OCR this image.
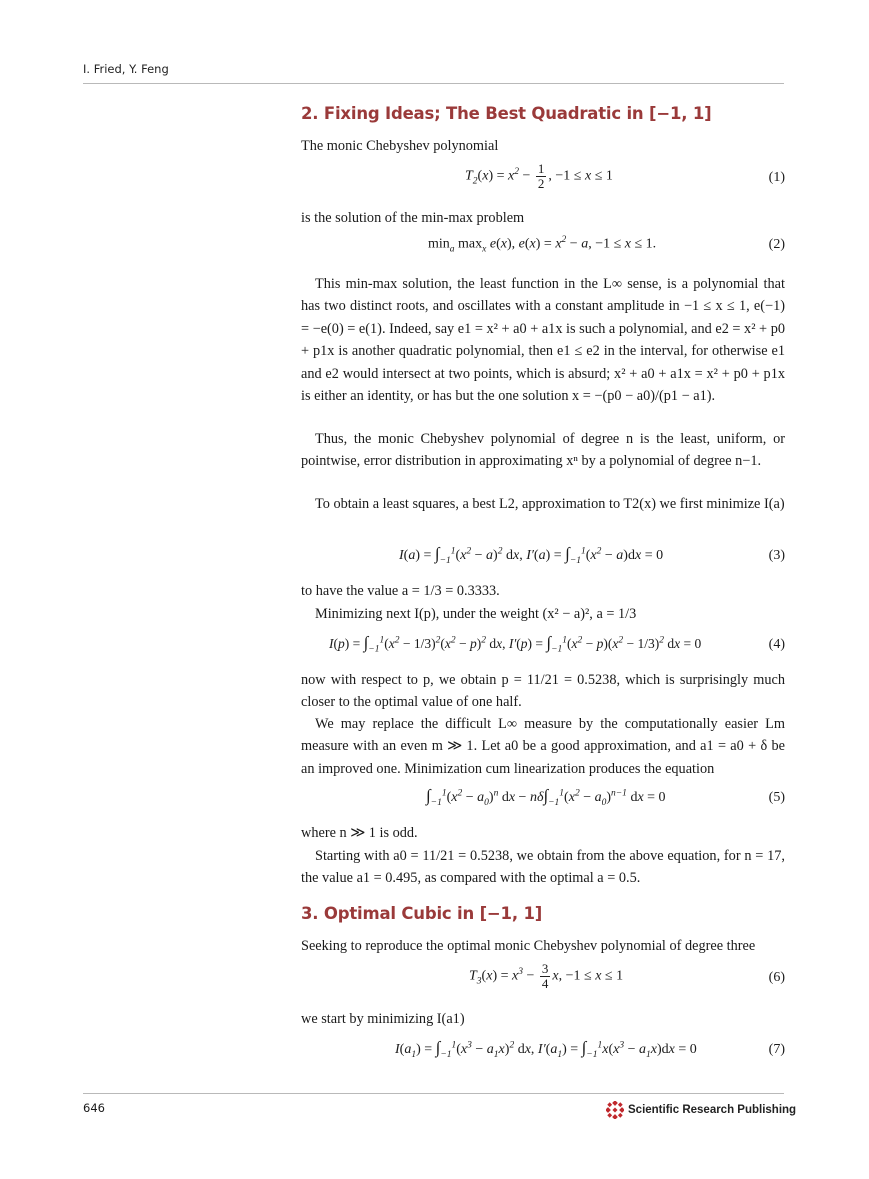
I. Fried, Y. Feng
2. Fixing Ideas; The Best Quadratic in [−1, 1]
The monic Chebyshev polynomial
$T_2(x) = x^2 - \frac{1}{2}$ , −1 ≤ x ≤ 1	(1)
is the solution of the min-max problem
$\min_a \max_x e(x)$, $e(x) = x^2 - a$, −1 ≤ x ≤ 1.	(2)
This min-max solution, the least function in the L∞ sense, is a polynomial that has two distinct roots, and oscillates with a constant amplitude in −1 ≤ x ≤ 1, e(−1) = −e(0) = e(1). Indeed, say e1 = x² + a0 + a1x is such a polynomial, and e2 = x² + p0 + p1x is another quadratic polynomial, then e1 ≤ e2 in the interval, for otherwise e1 and e2 would intersect at two points, which is absurd; x² + a0 + a1x = x² + p0 + p1x is either an identity, or has but the one solution x = −(p0 − a0)/(p1 − a1).
Thus, the monic Chebyshev polynomial of degree n is the least, uniform, or pointwise, error distribution in approximating xⁿ by a polynomial of degree n−1.
To obtain a least squares, a best L2, approximation to T2(x) we first minimize I(a)
$I(a) = \int_{-1}^1(x^2 - a)^2$ dx, $I'(a) = \int_{-1}^1(x^2 - a)dx = 0$	(3)
to have the value a = 1/3 = 0.3333.
Minimizing next I(p), under the weight (x² − a)², a = 1/3
$I(p) = \int_{-1}^1(x^2 - 1/3)^2(x^2 - p)^2$ dx, $I'(p) = \int_{-1}^1(x^2 - p)(x^2 - 1/3)^2$ dx = 0	(4)
now with respect to p, we obtain p = 11/21 = 0.5238, which is surprisingly much closer to the optimal value of one half.
We may replace the difficult L∞ measure by the computationally easier Lm measure with an even m ≫ 1. Let a0 be a good approximation, and a1 = a0 + δ be an improved one. Minimization cum linearization produces the equation
$\int_{-1}^1(x^2 - a_0)^n$ dx − $n\delta\int_{-1}^1(x^2 - a_0)^{n-1}$ dx = 0	(5)
where n ≫ 1 is odd.
Starting with a0 = 11/21 = 0.5238, we obtain from the above equation, for n = 17, the value a1 = 0.495, as compared with the optimal a = 0.5.
3. Optimal Cubic in [−1, 1]
Seeking to reproduce the optimal monic Chebyshev polynomial of degree three
$T_3(x) = x^3 - \frac{3}{4} x$, −1 ≤ x ≤ 1	(6)
we start by minimizing I(a1)
$I(a_1) = \int_{-1}^1(x^3 - a_1x)^2$ dx, $I'(a_1) = \int_{-1}^1x(x^3 - a_1x)dx = 0$	(7)
646	Scientific Research Publishing
